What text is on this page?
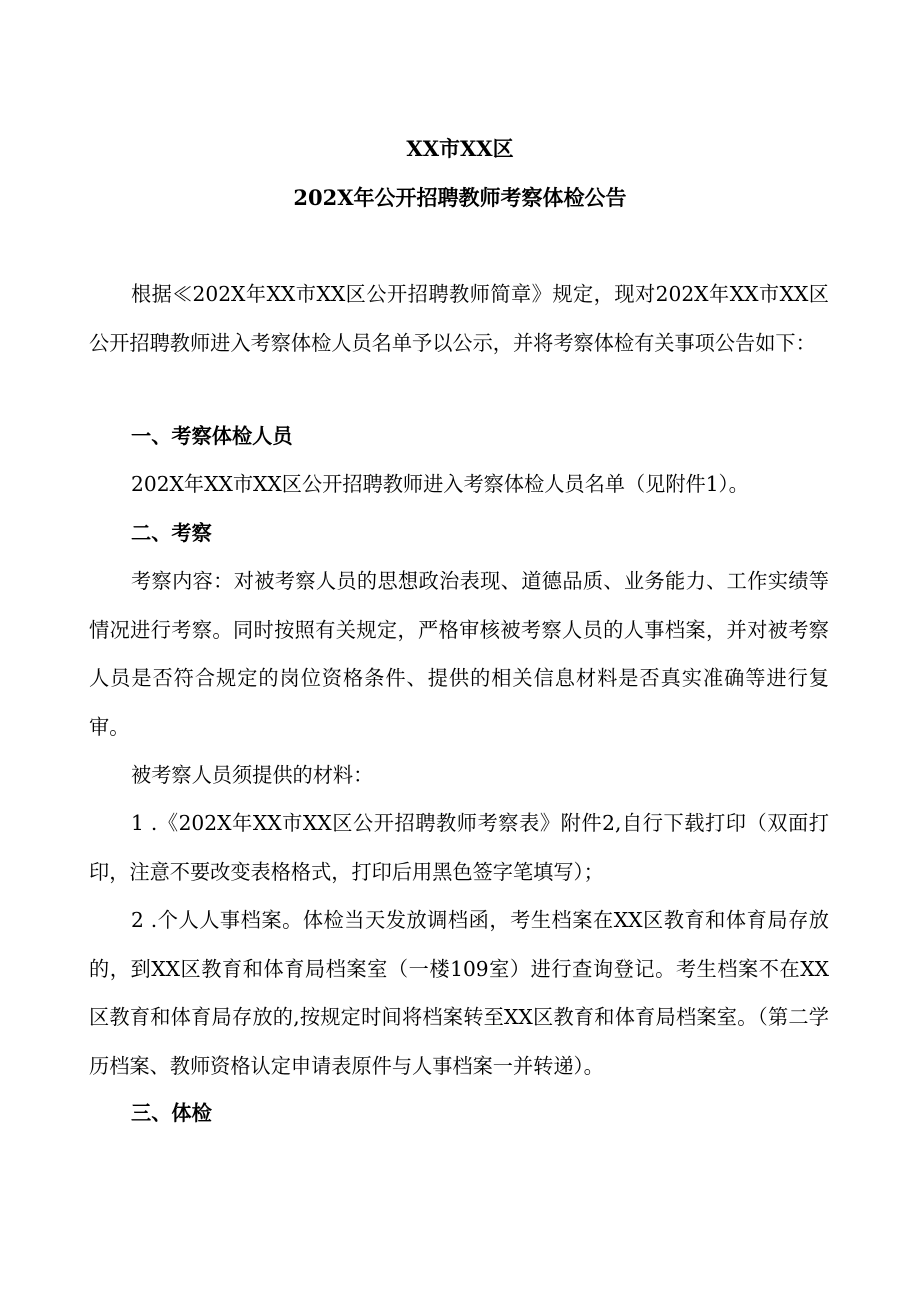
XX市XX区
202X年公开招聘教师考察体检公告

根据≪202X年XX市XX区公开招聘教师简章》规定，现对202X年XX市XX区公开招聘教师进入考察体检人员名单予以公示，并将考察体检有关事项公告如下：

一、考察体检人员

202X年XX市XX区公开招聘教师进入考察体检人员名单（见附件1）。

二、考察

考察内容：对被考察人员的思想政治表现、道德品质、业务能力、工作实绩等情况进行考察。同时按照有关规定，严格审核被考察人员的人事档案，并对被考察人员是否符合规定的岗位资格条件、提供的相关信息材料是否真实准确等进行复审。

被考察人员须提供的材料：

1 .《202X年XX市XX区公开招聘教师考察表》附件2,自行下载打印（双面打印，注意不要改变表格格式，打印后用黑色签字笔填写）；

2 .个人人事档案。体检当天发放调档函，考生档案在XX区教育和体育局存放的，到XX区教育和体育局档案室（一楼109室）进行查询登记。考生档案不在XX区教育和体育局存放的,按规定时间将档案转至XX区教育和体育局档案室。（第二学历档案、教师资格认定申请表原件与人事档案一并转递）。

三、体检
